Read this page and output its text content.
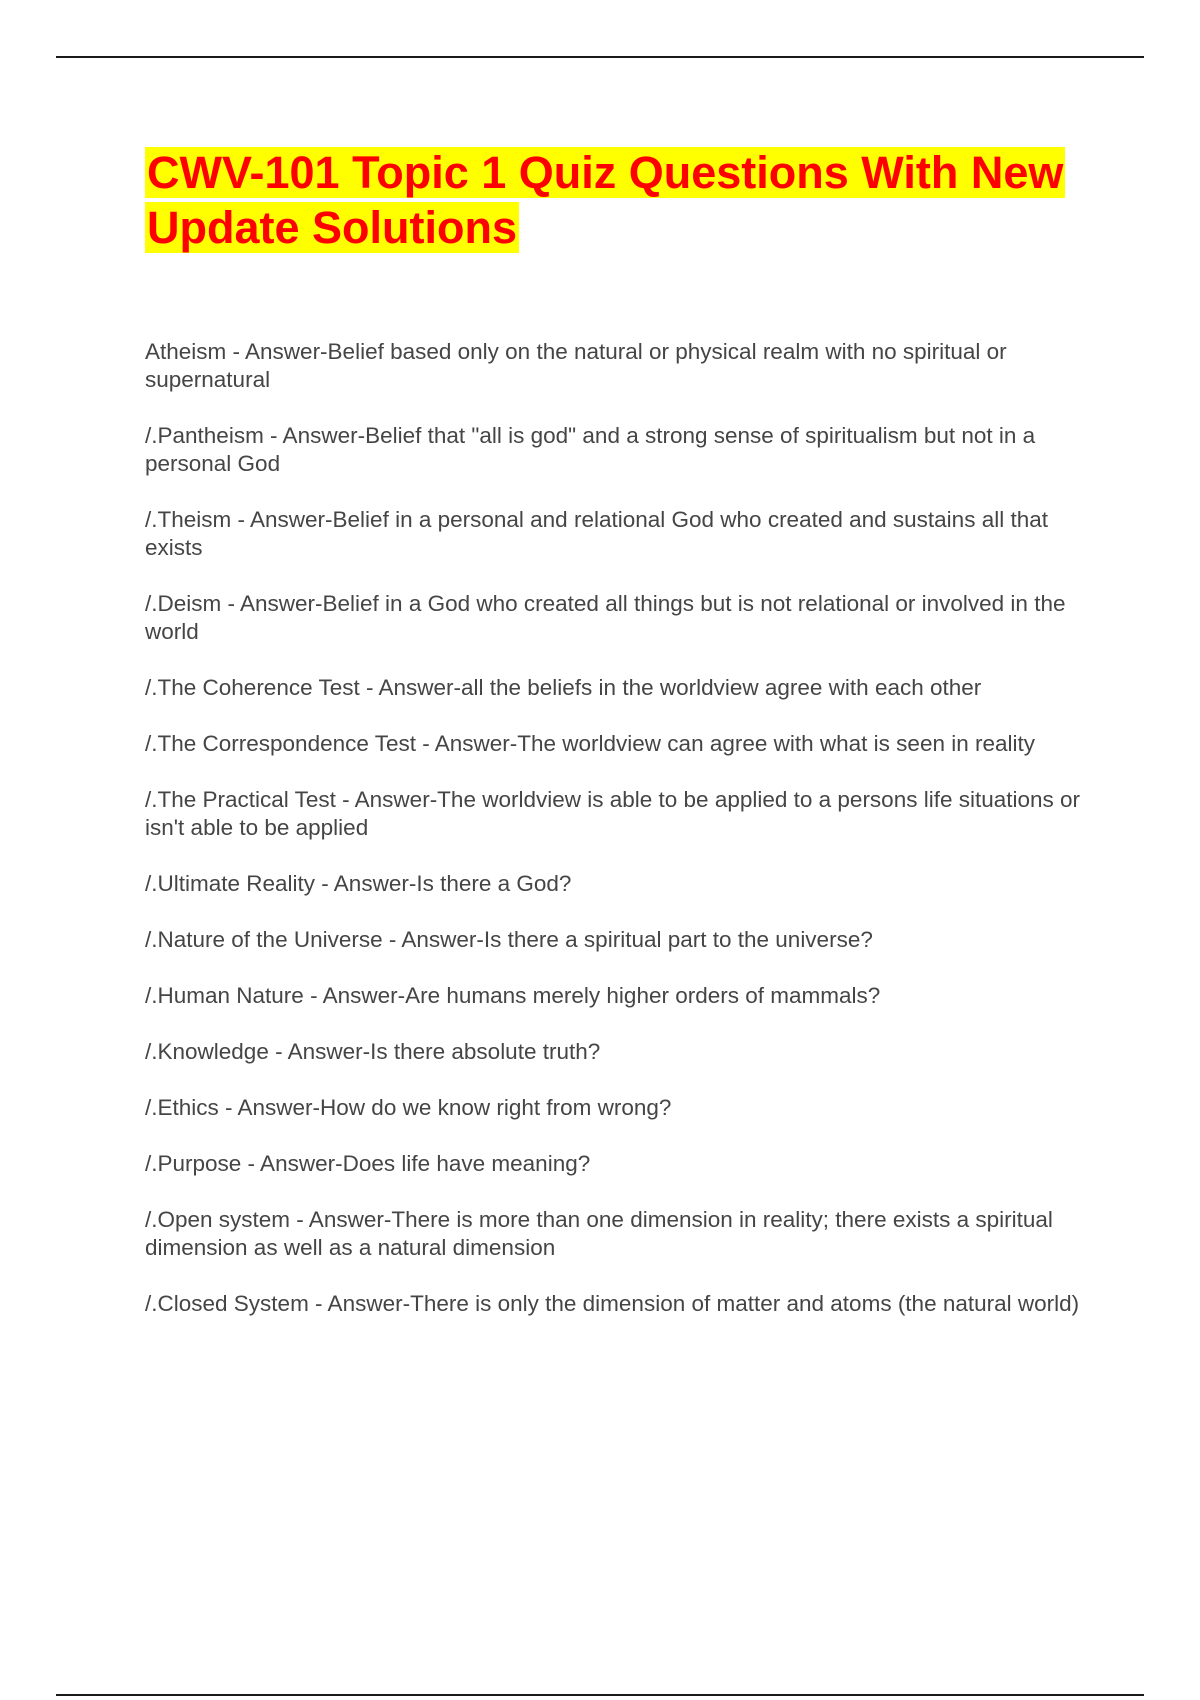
CWV-101 Topic 1 Quiz Questions With New Update Solutions
Atheism - Answer-Belief based only on the natural or physical realm with no spiritual or supernatural
/.Pantheism - Answer-Belief that "all is god" and a strong sense of spiritualism but not in a personal God
/.Theism - Answer-Belief in a personal and relational God who created and sustains all that exists
/.Deism - Answer-Belief in a God who created all things but is not relational or involved in the world
/.The Coherence Test - Answer-all the beliefs in the worldview agree with each other
/.The Correspondence Test - Answer-The worldview can agree with what is seen in reality
/.The Practical Test - Answer-The worldview is able to be applied to a persons life situations or isn't able to be applied
/.Ultimate Reality - Answer-Is there a God?
/.Nature of the Universe - Answer-Is there a spiritual part to the universe?
/.Human Nature - Answer-Are humans merely higher orders of mammals?
/.Knowledge - Answer-Is there absolute truth?
/.Ethics - Answer-How do we know right from wrong?
/.Purpose - Answer-Does life have meaning?
/.Open system - Answer-There is more than one dimension in reality; there exists a spiritual dimension as well as a natural dimension
/.Closed System - Answer-There is only the dimension of matter and atoms (the natural world)
